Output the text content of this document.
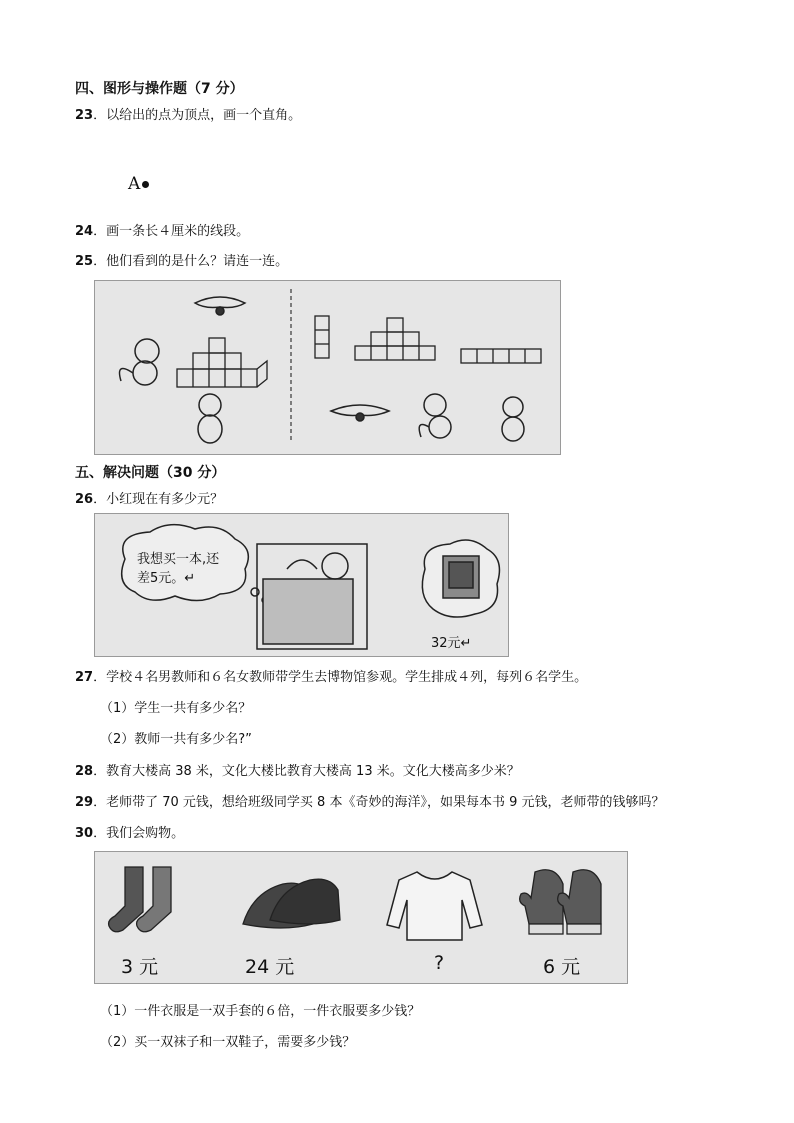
四、图形与操作题（7 分）
23．以给出的点为顶点，画一个直角。
A
24．画一条长４厘米的线段。
25．他们看到的是什么？请连一连。
五、解决问题（30 分）
26．小红现在有多少元？
我想买一本,还
差5元。↵
32元↵
27．学校４名男教师和６名女教师带学生去博物馆参观。学生排成４列，每列６名学生。
（1）学生一共有多少名？
（2）教师一共有多少名?”
28．教育大楼高 38 米，文化大楼比教育大楼高 13 米。文化大楼高多少米？
29．老师带了 70 元钱，想给班级同学买 8 本《奇妙的海洋》，如果每本书 9 元钱，老师带的钱够吗？
30．我们会购物。
3 元	24 元	?	6 元
（1）一件衣服是一双手套的６倍，一件衣服要多少钱？
（2）买一双袜子和一双鞋子，需要多少钱？
